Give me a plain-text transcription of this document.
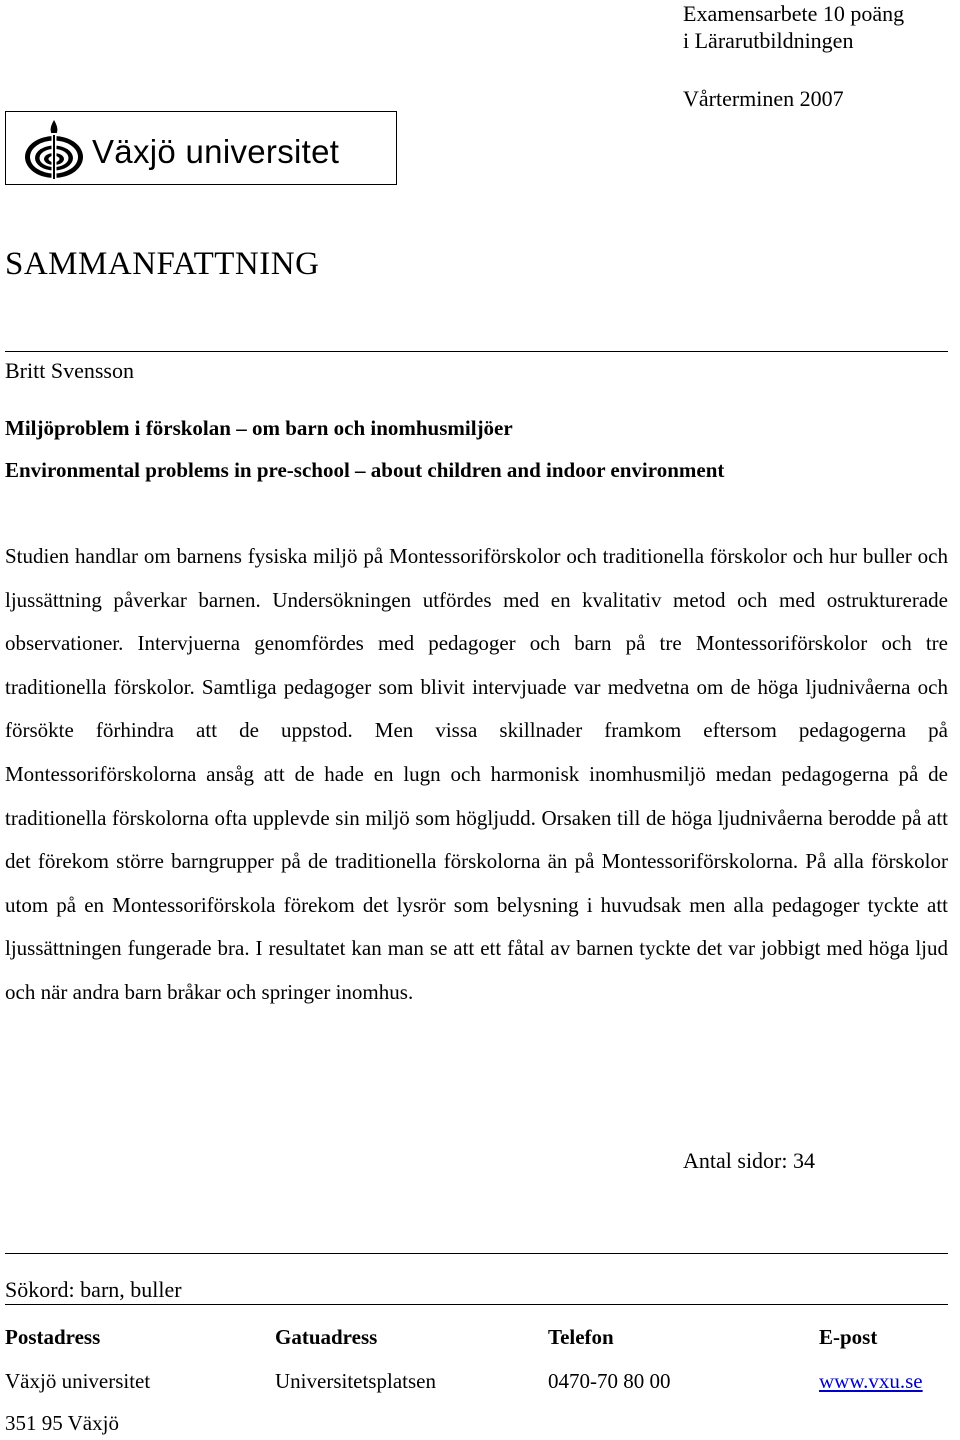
Examensarbete 10 poäng
i Lärarutbildningen
Vårterminen 2007
Växjö universitet
SAMMANFATTNING
Britt Svensson
Miljöproblem i förskolan – om barn och inomhusmiljöer
Environmental problems in pre-school – about children and indoor environment

Studien handlar om barnens fysiska miljö på Montessoriförskolor och traditionella förskolor och hur buller och ljussättning påverkar barnen. Undersökningen utfördes med en kvalitativ metod och med ostrukturerade observationer. Intervjuerna genomfördes med pedagoger och barn på tre Montessoriförskolor och tre traditionella förskolor. Samtliga pedagoger som blivit intervjuade var medvetna om de höga ljudnivåerna och försökte förhindra att de uppstod. Men vissa skillnader framkom eftersom pedagogerna på Montessoriförskolorna ansåg att de hade en lugn och harmonisk inomhusmiljö medan pedagogerna på de traditionella förskolorna ofta upplevde sin miljö som högljudd. Orsaken till de höga ljudnivåerna berodde på att det förekom större barngrupper på de traditionella förskolorna än på Montessoriförskolorna. På alla förskolor utom på en Montessoriförskola förekom det lysrör som belysning i huvudsak men alla pedagoger tyckte att ljussättningen fungerade bra. I resultatet kan man se att ett fåtal av barnen tyckte det var jobbigt med höga ljud och när andra barn bråkar och springer inomhus.

Antal sidor: 34
Sökord: barn, buller
Postadress	Gatuadress	Telefon	E-post
Växjö universitet	Universitetsplatsen	0470-70 80 00	www.vxu.se
351 95 Växjö
